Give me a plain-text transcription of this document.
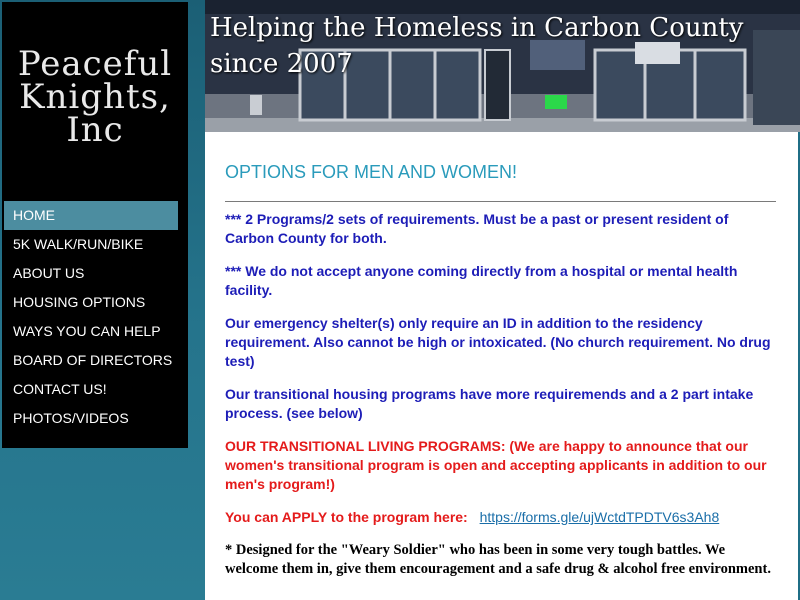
Peaceful Knights, Inc
HOME
5K WALK/RUN/BIKE
ABOUT US
HOUSING OPTIONS
WAYS YOU CAN HELP
BOARD OF DIRECTORS
CONTACT US!
PHOTOS/VIDEOS
Helping the Homeless in Carbon County since 2007
OPTIONS FOR MEN AND WOMEN!

*** 2 Programs/2 sets of requirements. Must be a past or present resident of Carbon County for both.

*** We do not accept anyone coming directly from a hospital or mental health facility.

Our emergency shelter(s) only require an ID in addition to the residency requirement. Also cannot be high or intoxicated. (No church requirement. No drug test)

Our transitional housing programs have more requiremends and a 2 part intake process. (see below)

OUR TRANSITIONAL LIVING PROGRAMS: (We are happy to announce that our women's transitional program is open and accepting applicants in addition to our men's program!)

You can APPLY to the program here: https://forms.gle/ujWctdTPDTV6s3Ah8

* Designed for the "Weary Soldier" who has been in some very tough battles. We welcome them in, give them encouragement and a safe drug & alcohol free environment.
